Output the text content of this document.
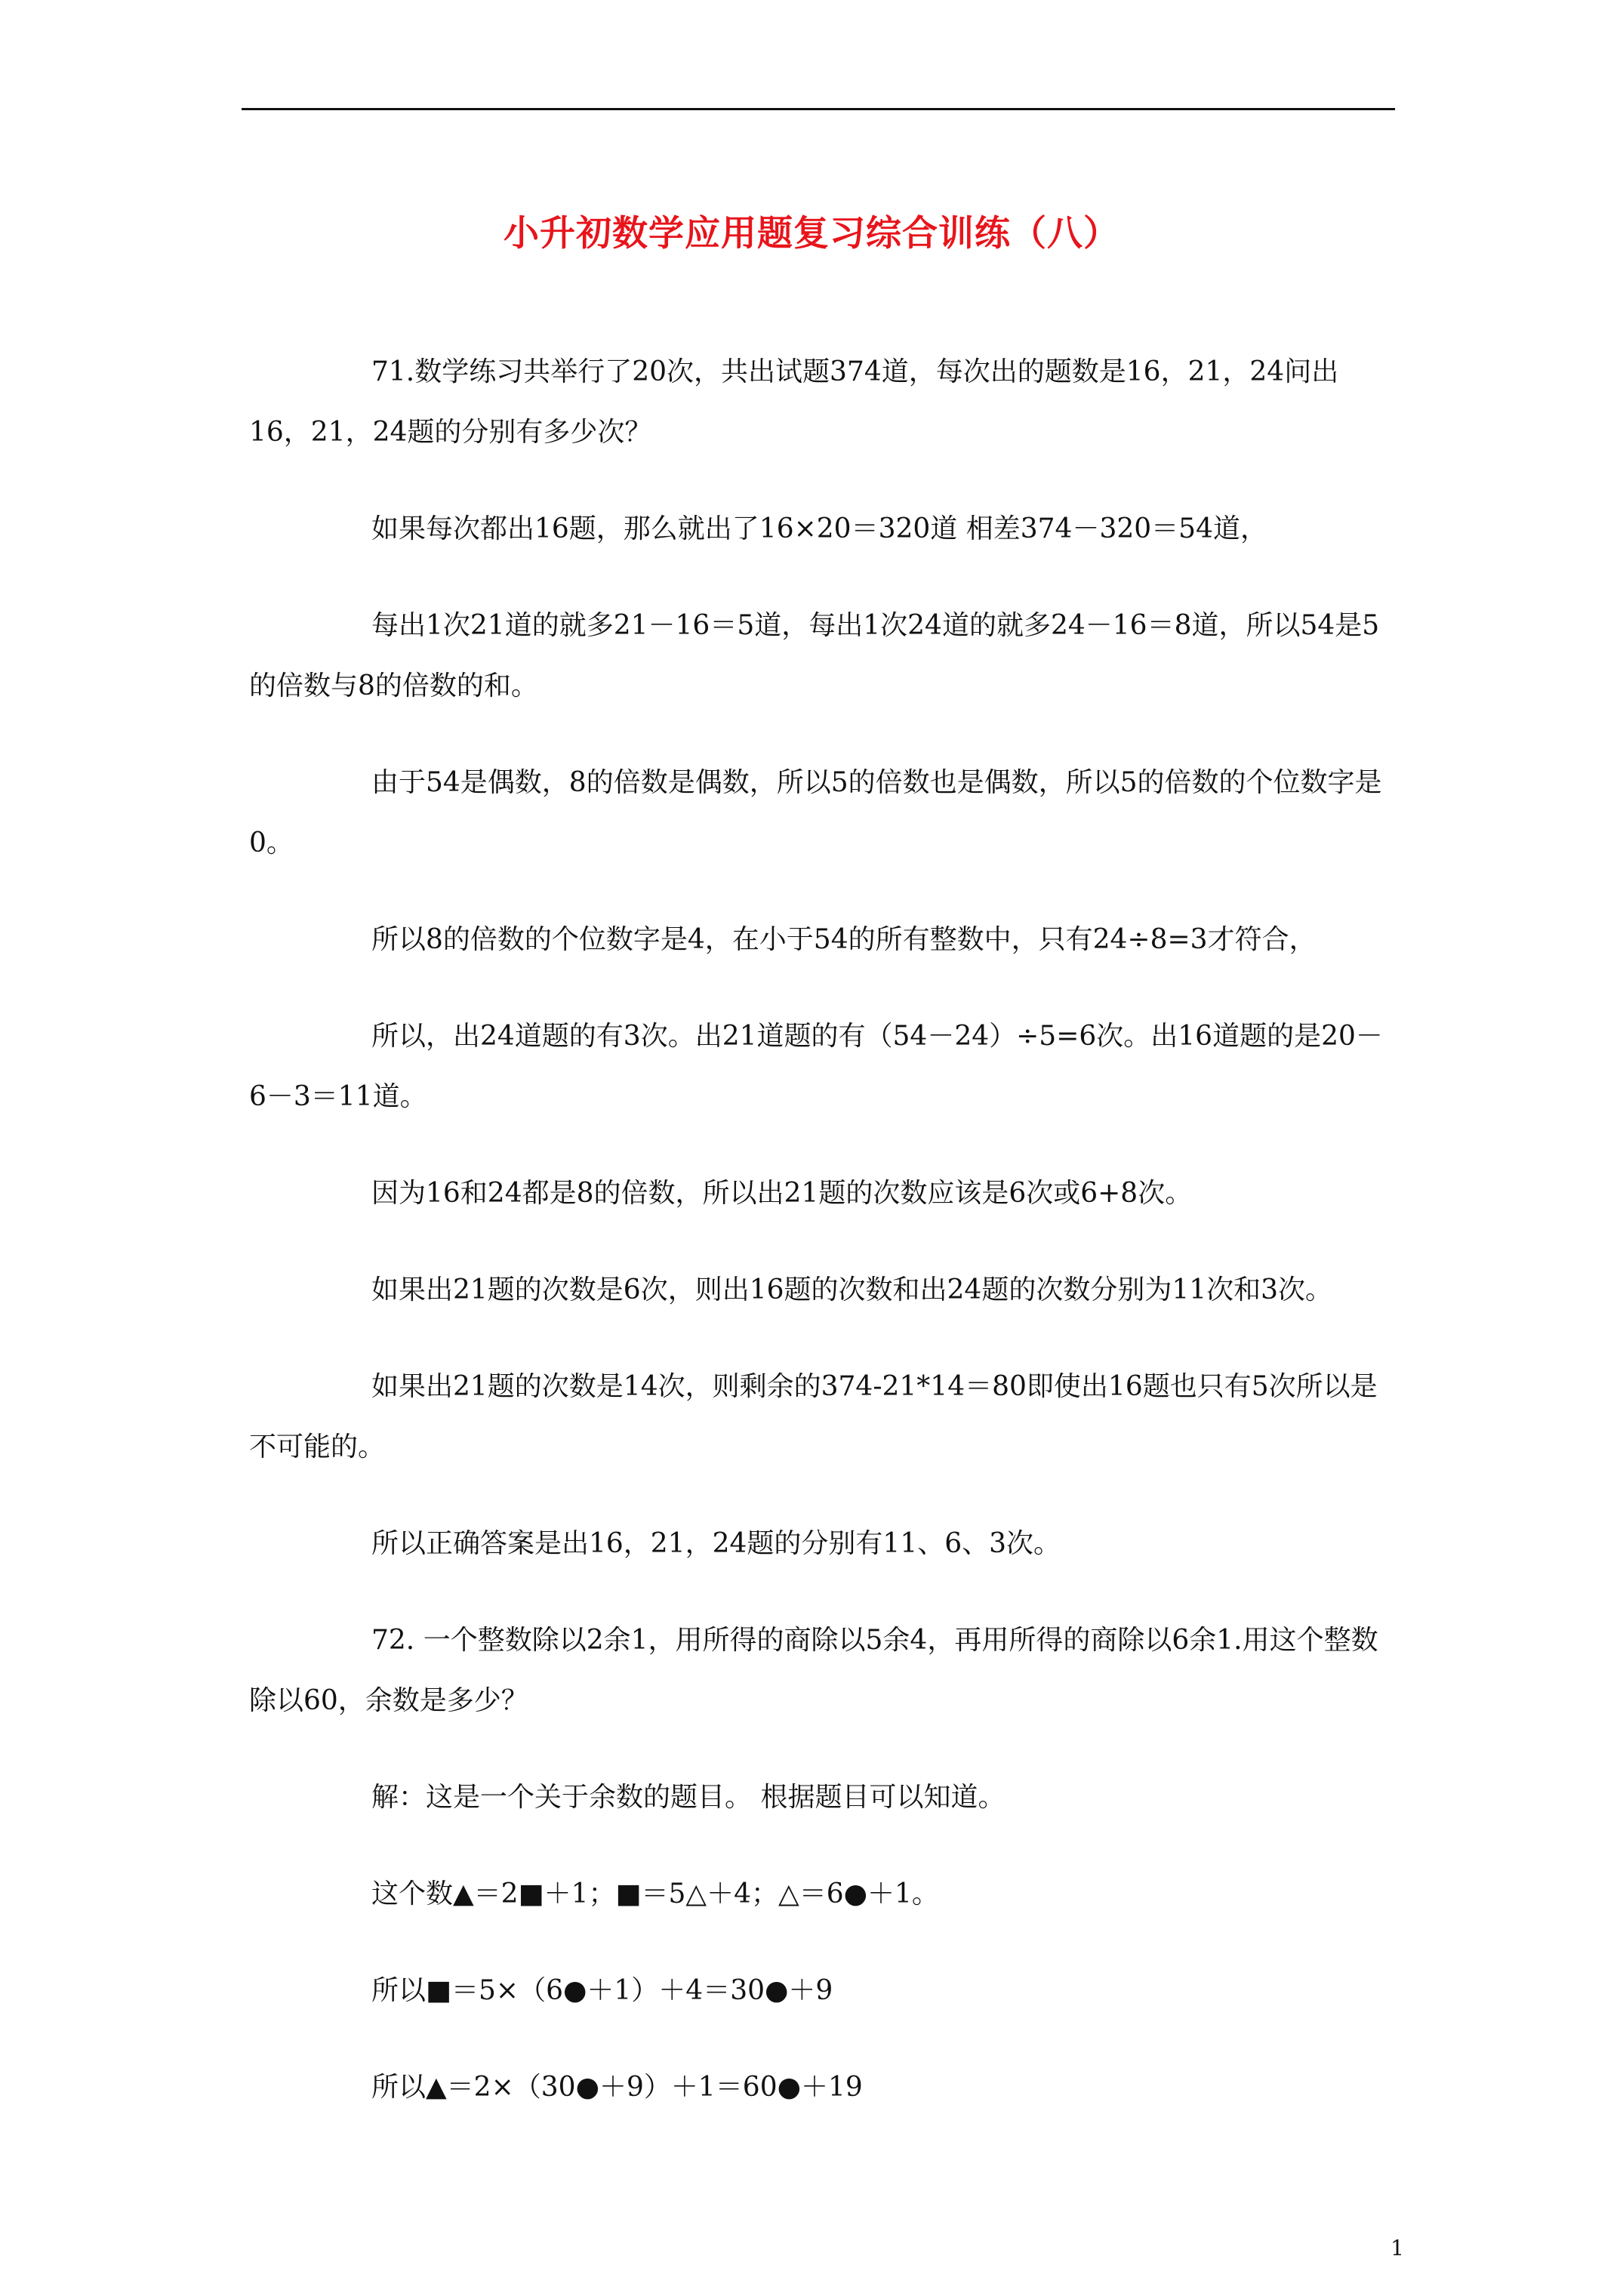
小升初数学应用题复习综合训练（八）

71.数学练习共举行了20次，共出试题374道，每次出的题数是16，21，24问出16，21，24题的分别有多少次？

如果每次都出16题，那么就出了16×20＝320道 相差374－320＝54道，

每出1次21道的就多21－16＝5道，每出1次24道的就多24－16＝8道，所以54是5的倍数与8的倍数的和。

由于54是偶数，8的倍数是偶数，所以5的倍数也是偶数，所以5的倍数的个位数字是0。

所以8的倍数的个位数字是4，在小于54的所有整数中，只有24÷8=3才符合，

所以，出24道题的有3次。出21道题的有（54－24）÷5=6次。出16道题的是20－6－3＝11道。

因为16和24都是8的倍数，所以出21题的次数应该是6次或6+8次。

如果出21题的次数是6次，则出16题的次数和出24题的次数分别为11次和3次。

如果出21题的次数是14次，则剩余的374-21*14＝80即使出16题也只有5次所以是不可能的。

所以正确答案是出16，21，24题的分别有11、6、3次。

72. 一个整数除以2余1，用所得的商除以5余4，再用所得的商除以6余1.用这个整数除以60，余数是多少？

解：这是一个关于余数的题目。 根据题目可以知道。

这个数▲＝2■＋1；■＝5△＋4；△＝6●＋1。

所以■＝5×（6●＋1）＋4＝30●＋9

所以▲＝2×（30●＋9）＋1＝60●＋19

1
